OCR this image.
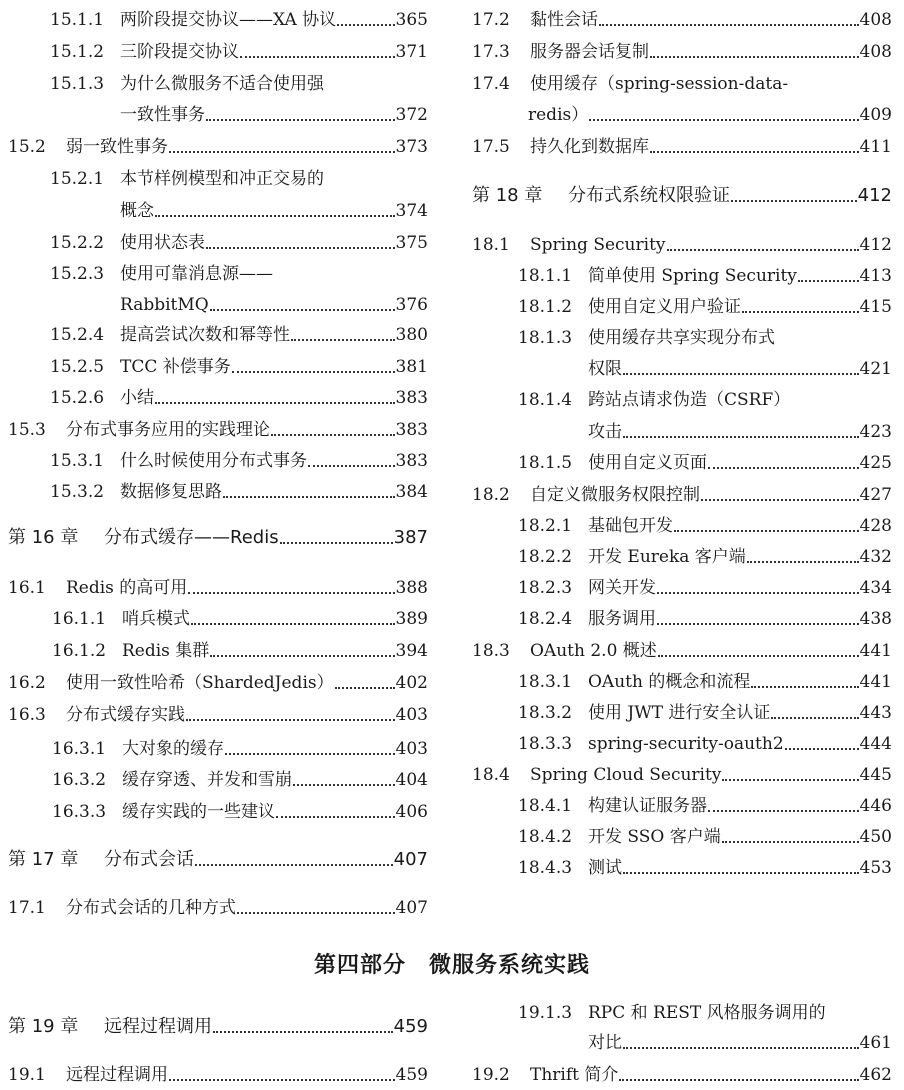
15.1.1 两阶段提交协议——XA 协议	365
15.1.2 三阶段提交协议	371
15.1.3 为什么微服务不适合使用强
一致性事务	372
15.2	弱一致性事务	373
15.2.1 本节样例模型和冲正交易的
概念	374
15.2.2 使用状态表	375
15.2.3 使用可靠消息源——
RabbitMQ	376
15.2.4 提高尝试次数和幂等性	380
15.2.5 TCC 补偿事务	381
15.2.6 小结	383
15.3	分布式事务应用的实践理论	383
15.3.1 什么时候使用分布式事务	383
15.3.2 数据修复思路	384
第 16 章	分布式缓存——Redis	387
16.1	Redis 的高可用	388
16.1.1 哨兵模式	389
16.1.2 Redis 集群	394
16.2	使用一致性哈希（ShardedJedis）	402
16.3	分布式缓存实践	403
16.3.1 大对象的缓存	403
16.3.2 缓存穿透、并发和雪崩	404
16.3.3 缓存实践的一些建议	406
第 17 章	分布式会话	407
17.1	分布式会话的几种方式	407
17.2	黏性会话	408
17.3	服务器会话复制	408
17.4	使用缓存（spring-session-data-
redis）	409
17.5	持久化到数据库	411
第 18 章	分布式系统权限验证	412
18.1	Spring Security	412
18.1.1 简单使用 Spring Security	413
18.1.2 使用自定义用户验证	415
18.1.3 使用缓存共享实现分布式
权限	421
18.1.4 跨站点请求伪造（CSRF）
攻击	423
18.1.5 使用自定义页面	425
18.2	自定义微服务权限控制	427
18.2.1 基础包开发	428
18.2.2 开发 Eureka 客户端	432
18.2.3 网关开发	434
18.2.4 服务调用	438
18.3	OAuth 2.0 概述	441
18.3.1 OAuth 的概念和流程	441
18.3.2 使用 JWT 进行安全认证	443
18.3.3 spring-security-oauth2	444
18.4	Spring Cloud Security	445
18.4.1 构建认证服务器	446
18.4.2 开发 SSO 客户端	450
18.4.3 测试	453
第四部分　微服务系统实践
第 19 章	远程过程调用	459
19.1	远程过程调用	459
19.1.3 RPC 和 REST 风格服务调用的
对比	461
19.2	Thrift 简介	462
